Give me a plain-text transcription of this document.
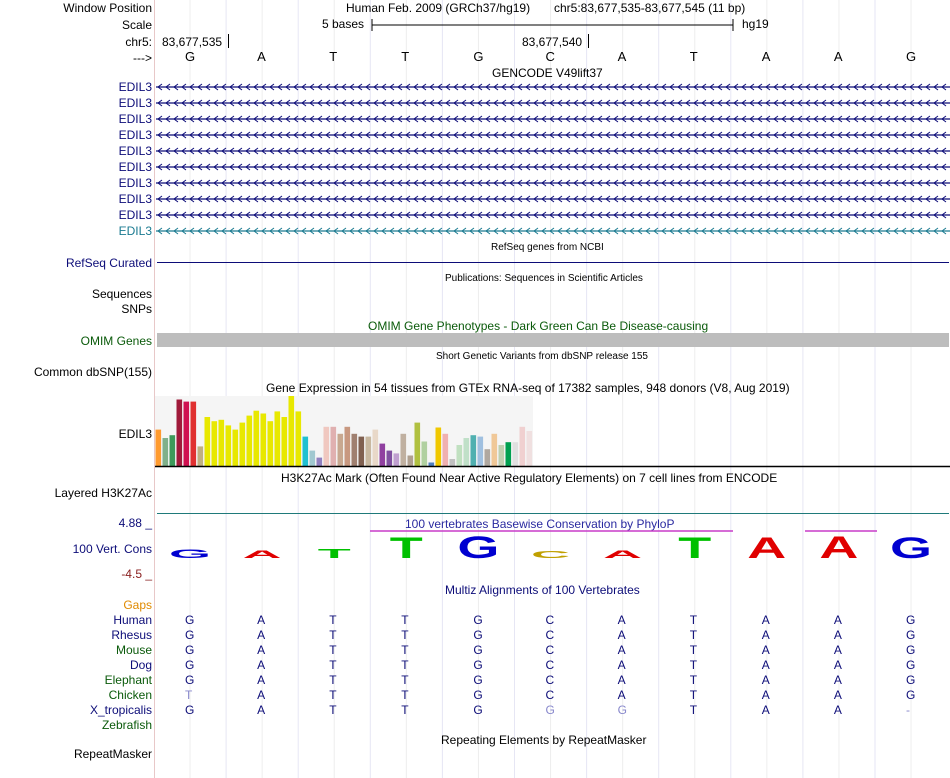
Window Position	Human Feb. 2009 (GRCh37/hg19) chr5:83,677,535-83,677,545 (11 bp)
Scale	5 bases	hg19
chr5: 83,677,535	83,677,540
--->	G	A	T	T	G	C	A	T	A	A	G
GENCODE V49lift37
EDIL3
EDIL3
EDIL3
EDIL3
EDIL3
EDIL3
EDIL3
EDIL3
EDIL3
EDIL3
RefSeq genes from NCBI
RefSeq Curated
Publications: Sequences in Scientific Articles
Sequences
SNPs
OMIM Gene Phenotypes - Dark Green Can Be Disease-causing
OMIM Genes
Short Genetic Variants from dbSNP release 155
Common dbSNP(155)
Gene Expression in 54 tissues from GTEx RNA-seq of 17382 samples, 948 donors (V8, Aug 2019)
EDIL3
H3K27Ac Mark (Often Found Near Active Regulatory Elements) on 7 cell lines from ENCODE
Layered H3K27Ac
4.88 _	100 vertebrates Basewise Conservation by PhyloP
100 Vert. Cons
-4.5 _
G A T T G C A T A A G
Multiz Alignments of 100 Vertebrates
Gaps
Human	G	A	T	T	G	C	A	T	A	A	G
Rhesus	G	A	T	T	G	C	A	T	A	A	G
Mouse	G	A	T	T	G	C	A	T	A	A	G
Dog	G	A	T	T	G	C	A	T	A	A	G
Elephant	G	A	T	T	G	C	A	T	A	A	G
Chicken	T	A	T	T	G	C	A	T	A	A	G
X_tropicalis	G	A	T	T	G	G	G	T	A	A	-
Zebrafish
Repeating Elements by RepeatMasker
RepeatMasker
